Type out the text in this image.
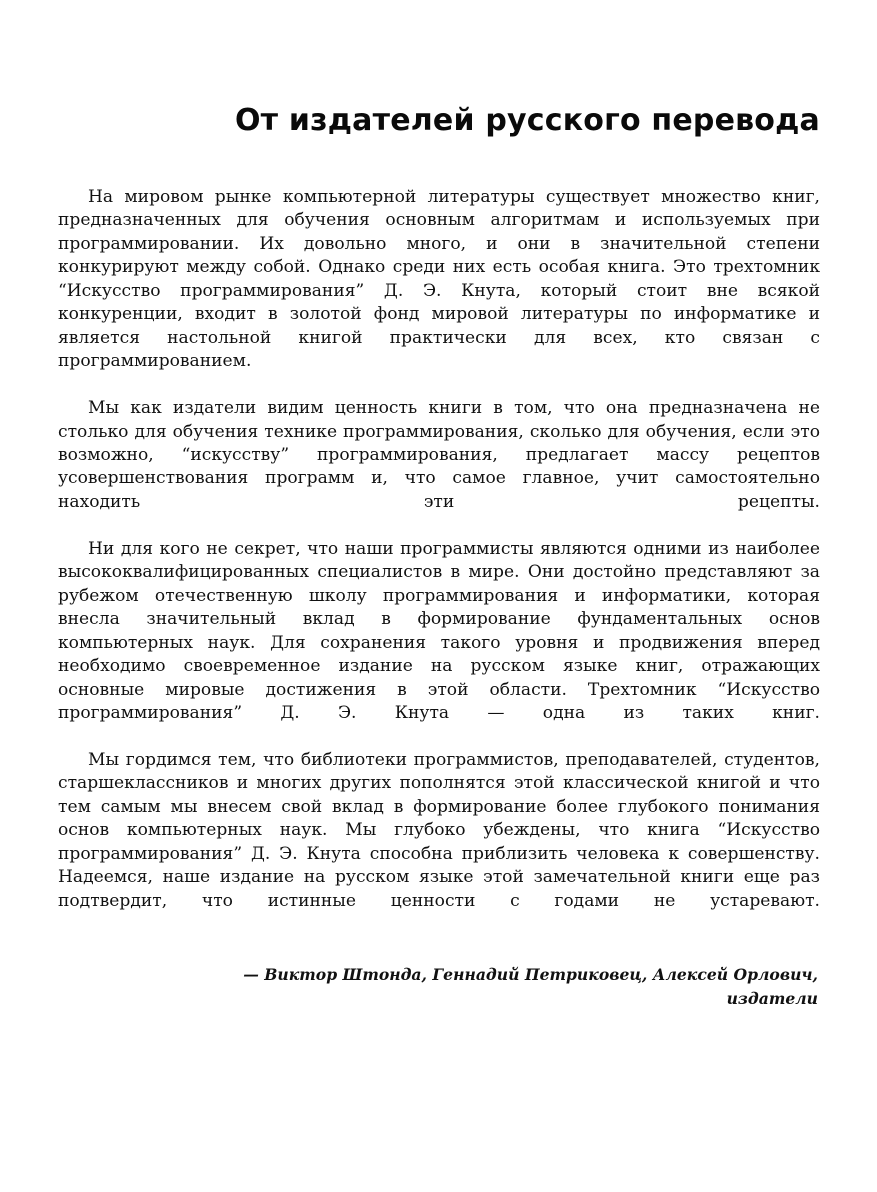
От издателей русского перевода

На мировом рынке компьютерной литературы существует множество книг, предназначенных для обучения основным алгоритмам и используемых при программировании. Их довольно много, и они в значительной степени конкурируют между собой. Однако среди них есть особая книга. Это трехтомник “Искусство программирования” Д. Э. Кнута, который стоит вне всякой конкуренции, входит в золотой фонд мировой литературы по информатике и является настольной книгой практически для всех, кто связан с программированием.

Мы как издатели видим ценность книги в том, что она предназначена не столько для обучения технике программирования, сколько для обучения, если это возможно, “искусству” программирования, предлагает массу рецептов усовершенствования программ и, что самое главное, учит самостоятельно находить эти рецепты.

Ни для кого не секрет, что наши программисты являются одними из наиболее высококвалифицированных специалистов в мире. Они достойно представляют за рубежом отечественную школу программирования и информатики, которая внесла значительный вклад в формирование фундаментальных основ компьютерных наук. Для сохранения такого уровня и продвижения вперед необходимо своевременное издание на русском языке книг, отражающих основные мировые достижения в этой области. Трехтомник “Искусство программирования” Д. Э. Кнута — одна из таких книг.

Мы гордимся тем, что библиотеки программистов, преподавателей, студентов, старшеклассников и многих других пополнятся этой классической книгой и что тем самым мы внесем свой вклад в формирование более глубокого понимания основ компьютерных наук. Мы глубоко убеждены, что книга “Искусство программирования” Д. Э. Кнута способна приблизить человека к совершенству. Надеемся, наше издание на русском языке этой замечательной книги еще раз подтвердит, что истинные ценности с годами не устаревают.

— Виктор Штонда, Геннадий Петриковец, Алексей Орлович,
издатели
